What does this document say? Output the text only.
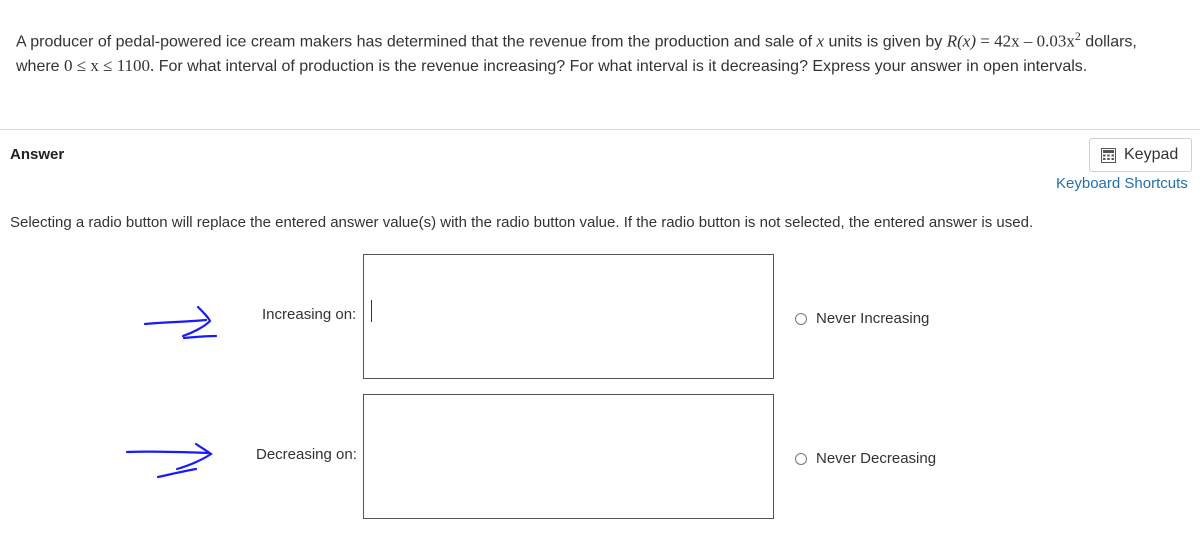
A producer of pedal-powered ice cream makers has determined that the revenue from the production and sale of x units is given by $R(x) = 42x - 0.03x^2$ dollars,
where 0 ≤ x ≤ 1100. For what interval of production is the revenue increasing? For what interval is it decreasing? Express your answer in open intervals.
Answer	Keypad
Keyboard Shortcuts
Selecting a radio button will replace the entered answer value(s) with the radio button value. If the radio button is not selected, the entered answer is used.
Increasing on:	Never Increasing
Decreasing on:	Never Decreasing
